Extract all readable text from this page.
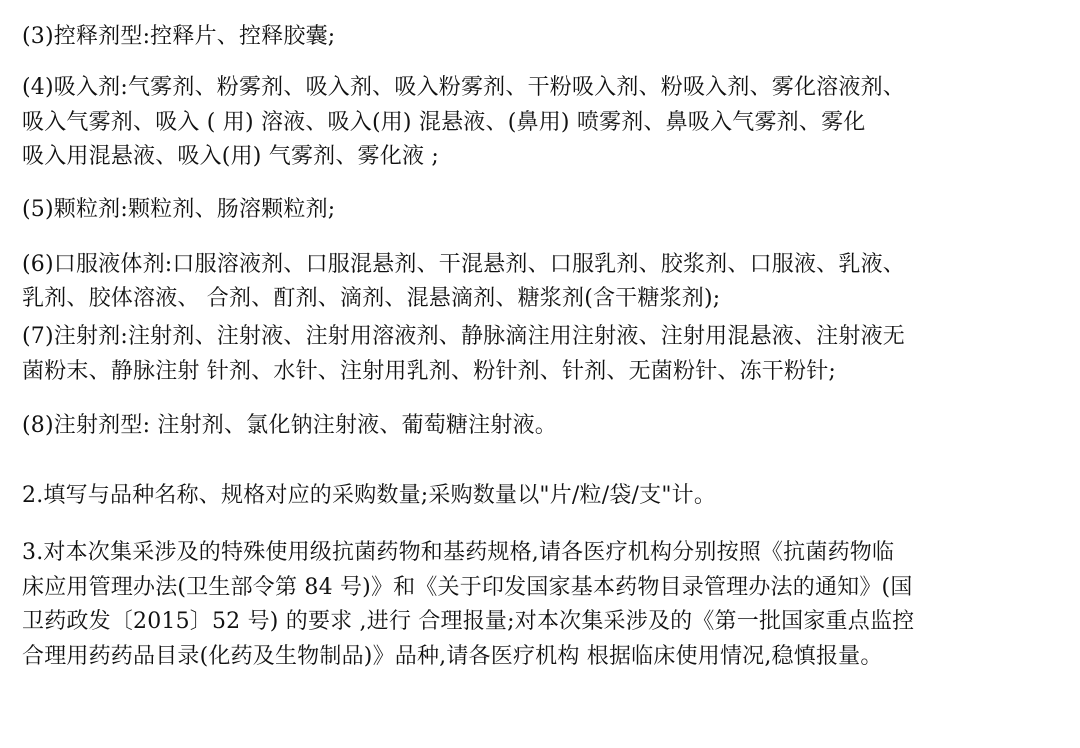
(3)控释剂型:控释片、控释胶囊;
(4)吸入剂:气雾剂、粉雾剂、吸入剂、吸入粉雾剂、干粉吸入剂、粉吸入剂、雾化溶液剂、
吸入气雾剂、吸入 ( 用) 溶液、吸入(用) 混悬液、(鼻用) 喷雾剂、鼻吸入气雾剂、雾化
吸入用混悬液、吸入(用) 气雾剂、雾化液 ;
(5)颗粒剂:颗粒剂、肠溶颗粒剂;
(6)口服液体剂:口服溶液剂、口服混悬剂、干混悬剂、口服乳剂、胶浆剂、口服液、乳液、
乳剂、胶体溶液、 合剂、酊剂、滴剂、混悬滴剂、糖浆剂(含干糖浆剂);
(7)注射剂:注射剂、注射液、注射用溶液剂、静脉滴注用注射液、注射用混悬液、注射液无
菌粉末、静脉注射 针剂、水针、注射用乳剂、粉针剂、针剂、无菌粉针、冻干粉针;
(8)注射剂型: 注射剂、氯化钠注射液、葡萄糖注射液。
2.填写与品种名称、规格对应的采购数量;采购数量以"片/粒/袋/支"计。
3.对本次集采涉及的特殊使用级抗菌药物和基药规格,请各医疗机构分别按照《抗菌药物临
床应用管理办法(卫生部令第 84 号)》和《关于印发国家基本药物目录管理办法的通知》(国
卫药政发〔2015〕52 号) 的要求 ,进行 合理报量;对本次集采涉及的《第一批国家重点监控
合理用药药品目录(化药及生物制品)》品种,请各医疗机构 根据临床使用情况,稳慎报量。
